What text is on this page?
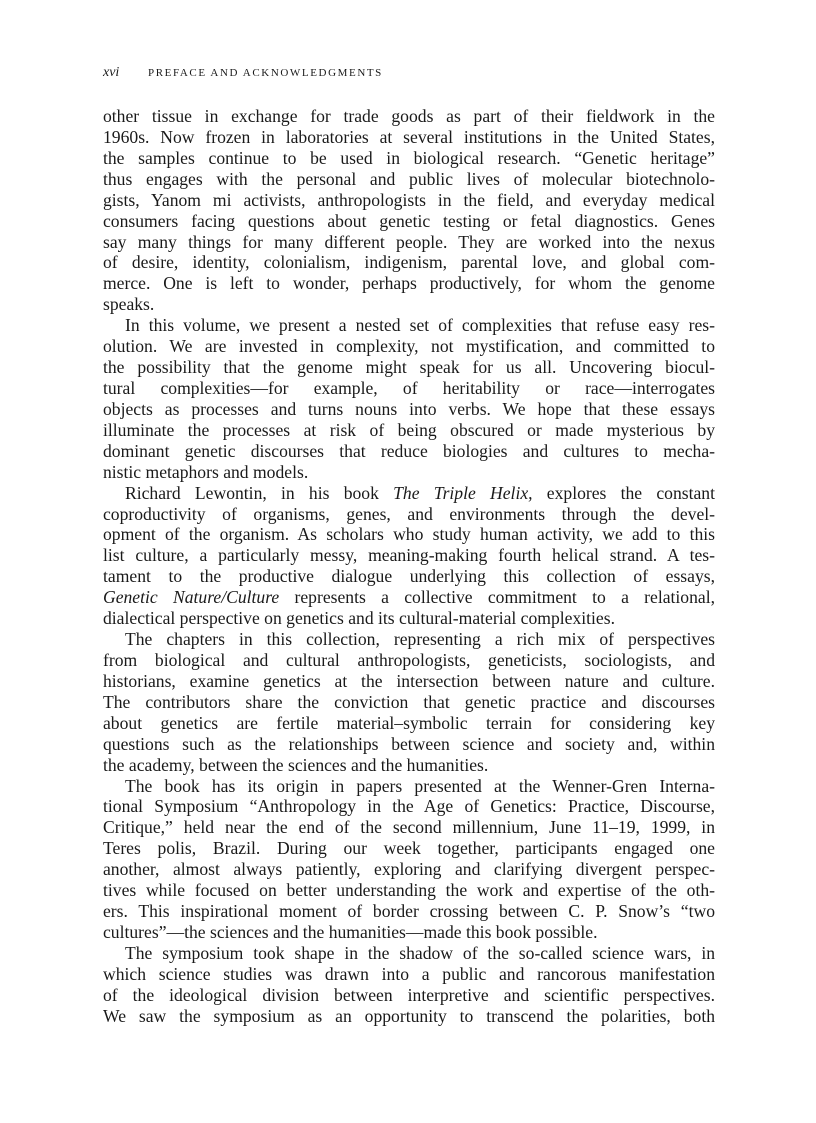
xvi	PREFACE AND ACKNOWLEDGMENTS
other tissue in exchange for trade goods as part of their fieldwork in the
1960s. Now frozen in laboratories at several institutions in the United States,
the samples continue to be used in biological research. “Genetic heritage”
thus engages with the personal and public lives of molecular biotechnolo-
gists, Yanom mi activists, anthropologists in the field, and everyday medical
consumers facing questions about genetic testing or fetal diagnostics. Genes
say many things for many different people. They are worked into the nexus
of desire, identity, colonialism, indigenism, parental love, and global com-
merce. One is left to wonder, perhaps productively, for whom the genome
speaks.
In this volume, we present a nested set of complexities that refuse easy res-
olution. We are invested in complexity, not mystification, and committed to
the possibility that the genome might speak for us all. Uncovering biocul-
tural complexities—for example, of heritability or race—interrogates
objects as processes and turns nouns into verbs. We hope that these essays
illuminate the processes at risk of being obscured or made mysterious by
dominant genetic discourses that reduce biologies and cultures to mecha-
nistic metaphors and models.
Richard Lewontin, in his book The Triple Helix, explores the constant
coproductivity of organisms, genes, and environments through the devel-
opment of the organism. As scholars who study human activity, we add to this
list culture, a particularly messy, meaning-making fourth helical strand. A tes-
tament to the productive dialogue underlying this collection of essays,
Genetic Nature/Culture represents a collective commitment to a relational,
dialectical perspective on genetics and its cultural-material complexities.
The chapters in this collection, representing a rich mix of perspectives
from biological and cultural anthropologists, geneticists, sociologists, and
historians, examine genetics at the intersection between nature and culture.
The contributors share the conviction that genetic practice and discourses
about genetics are fertile material–symbolic terrain for considering key
questions such as the relationships between science and society and, within
the academy, between the sciences and the humanities.
The book has its origin in papers presented at the Wenner-Gren Interna-
tional Symposium “Anthropology in the Age of Genetics: Practice, Discourse,
Critique,” held near the end of the second millennium, June 11–19, 1999, in
Teres polis, Brazil. During our week together, participants engaged one
another, almost always patiently, exploring and clarifying divergent perspec-
tives while focused on better understanding the work and expertise of the oth-
ers. This inspirational moment of border crossing between C. P. Snow’s “two
cultures”—the sciences and the humanities—made this book possible.
The symposium took shape in the shadow of the so-called science wars, in
which science studies was drawn into a public and rancorous manifestation
of the ideological division between interpretive and scientific perspectives.
We saw the symposium as an opportunity to transcend the polarities, both
